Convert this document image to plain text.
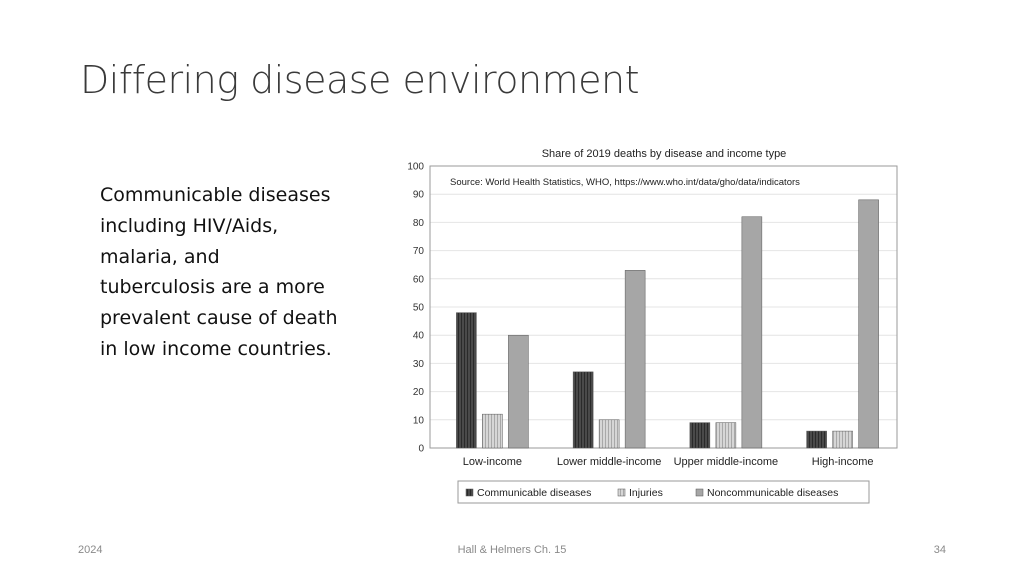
Differing disease environment

Communicable diseases including HIV/Aids, malaria, and tuberculosis are a more prevalent cause of death in low income countries.

Share of 2019 deaths by disease and income type
Source: World Health Statistics, WHO, https://www.who.int/data/gho/data/indicators
0
10
20
30
40
50
60
70
80
90
100
Low-income	Lower middle-income Upper middle-income	High-income
Communicable diseases	Injuries	Noncommunicable diseases
2024	Hall & Helmers Ch. 15	34
